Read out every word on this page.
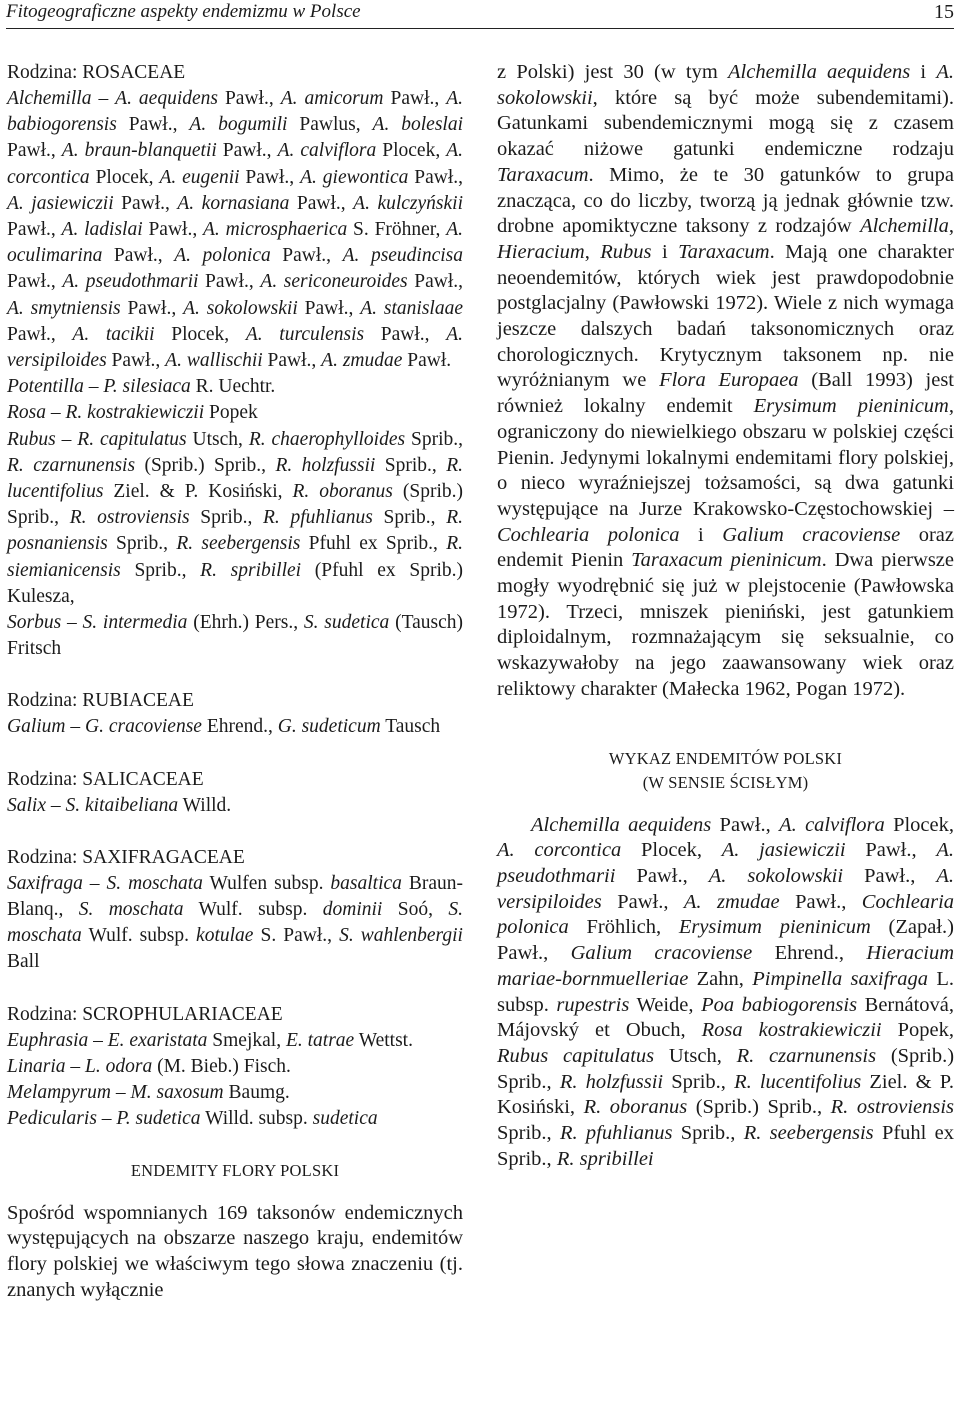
Fitogeograficzne aspekty endemizmu w Polsce	15
Rodzina: ROSACEAE
Alchemilla – A. aequidens Pawł., A. amicorum Pawł., A. babiogorensis Pawł., A. bogumili Pawlus, A. boleslai Pawł., A. braun-blanquetii Pawł., A. calviflora Plocek, A. corcontica Plocek, A. eugenii Pawł., A. giewontica Pawł., A. jasiewiczii Pawł., A. kornasiana Pawł., A. kulczyńskii Pawł., A. ladislai Pawł., A. microsphaerica S. Fröhner, A. oculimarina Pawł., A. polonica Pawł., A. pseudincisa Pawł., A. pseudothmarii Pawł., A. sericoneuroides Pawł., A. smytniensis Pawł., A. sokolowskii Pawł., A. stanislaae Pawł., A. tacikii Plocek, A. turculensis Pawł., A. versipiloides Pawł., A. wallischii Pawł., A. zmudae Pawł.
Potentilla – P. silesiaca R. Uechtr.
Rosa – R. kostrakiewiczii Popek
Rubus – R. capitulatus Utsch, R. chaerophylloides Sprib., R. czarnunensis (Sprib.) Sprib., R. holzfussii Sprib., R. lucentifolius Ziel. & P. Kosiński, R. oboranus (Sprib.) Sprib., R. ostroviensis Sprib., R. pfuhlianus Sprib., R. posnaniensis Sprib., R. seebergensis Pfuhl ex Sprib., R. siemianicensis Sprib., R. spribillei (Pfuhl ex Sprib.) Kulesza,
Sorbus – S. intermedia (Ehrh.) Pers., S. sudetica (Tausch) Fritsch
Rodzina: RUBIACEAE
Galium – G. cracoviense Ehrend., G. sudeticum Tausch
Rodzina: SALICACEAE
Salix – S. kitaibeliana Willd.
Rodzina: SAXIFRAGACEAE
Saxifraga – S. moschata Wulfen subsp. basaltica Braun-Blanq., S. moschata Wulf. subsp. dominii Soó, S. moschata Wulf. subsp. kotulae S. Pawł., S. wahlenbergii Ball
Rodzina: SCROPHULARIACEAE
Euphrasia – E. exaristata Smejkal, E. tatrae Wettst.
Linaria – L. odora (M. Bieb.) Fisch.
Melampyrum – M. saxosum Baumg.
Pedicularis – P. sudetica Willd. subsp. sudetica
ENDEMITY FLORY POLSKI
Spośród wspomnianych 169 taksonów endemicznych występujących na obszarze naszego kraju, endemitów flory polskiej we właściwym tego słowa znaczeniu (tj. znanych wyłącznie
z Polski) jest 30 (w tym Alchemilla aequidens i A. sokolowskii, które są być może subendemitami). Gatunkami subendemicznymi mogą się z czasem okazać niżowe gatunki endemiczne rodzaju Taraxacum. Mimo, że te 30 gatunków to grupa znacząca, co do liczby, tworzą ją jednak głównie tzw. drobne apomiktyczne taksony z rodzajów Alchemilla, Hieracium, Rubus i Taraxacum. Mają one charakter neoendemitów, których wiek jest prawdopodobnie postglacjalny (Pawłowski 1972). Wiele z nich wymaga jeszcze dalszych badań taksonomicznych oraz chorologicznych. Krytycznym taksonem np. nie wyróżnianym we Flora Europaea (Ball 1993) jest również lokalny endemit Erysimum pieninicum, ograniczony do niewielkiego obszaru w polskiej części Pienin. Jedynymi lokalnymi endemitami flory polskiej, o nieco wyraźniejszej tożsamości, są dwa gatunki występujące na Jurze Krakowsko-Częstochowskiej – Cochlearia polonica i Galium cracoviense oraz endemit Pienin Taraxacum pieninicum. Dwa pierwsze mogły wyodrębnić się już w plejstocenie (Pawłowska 1972). Trzeci, mniszek pieniński, jest gatunkiem diploidalnym, rozmnażającym się seksualnie, co wskazywałoby na jego zaawansowany wiek oraz reliktowy charakter (Małecka 1962, Pogan 1972).
WYKAZ ENDEMITÓW POLSKI
(W SENSIE ŚCISŁYM)
Alchemilla aequidens Pawł., A. calviflora Plocek, A. corcontica Plocek, A. jasiewiczii Pawł., A. pseudothmarii Pawł., A. sokolowskii Pawł., A. versipiloides Pawł., A. zmudae Pawł., Cochlearia polonica Fröhlich, Erysimum pieninicum (Zapał.) Pawł., Galium cracoviense Ehrend., Hieracium mariae-bornmuelleriae Zahn, Pimpinella saxifraga L. subsp. rupestris Weide, Poa babiogorensis Bernátová, Májovský et Obuch, Rosa kostrakiewiczii Popek, Rubus capitulatus Utsch, R. czarnunensis (Sprib.) Sprib., R. holzfussii Sprib., R. lucentifolius Ziel. & P. Kosiński, R. oboranus (Sprib.) Sprib., R. ostroviensis Sprib., R. pfuhlianus Sprib., R. seebergensis Pfuhl ex Sprib., R. spribillei
